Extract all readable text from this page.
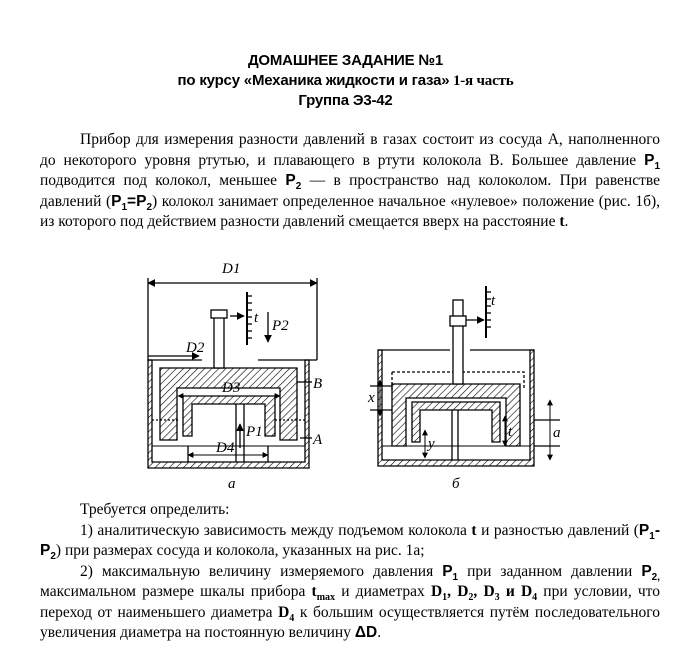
ДОМАШНЕЕ ЗАДАНИЕ №1
по курсу «Механика жидкости и газа» 1-я часть
Группа Э3-42
Прибор для измерения разности давлений в газах состоит из сосуда A, наполненного до некоторого уровня ртутью, и плавающего в ртути колокола B. Большее давление $P_1$ подводится под колокол, меньшее $P_2$ — в пространство над колоколом. При равенстве давлений $(P_1=P_2)$ колокол занимает определенное начальное «нулевое» положение (рис. 1б), из которого под действием разности давлений смещается вверх на расстояние t.
D1
D2
D3
D4
B
A
P1
P2
t
а
t
x
y
t	a
б

Требуется определить:

1) аналитическую зависимость между подъемом колокола t и разностью давлений $(P_1-P_2)$ при размерах сосуда и колокола, указанных на рис. 1а;

2) максимальную величину измеряемого давления $P_1$ при заданном давлении $P_{2,}$ максимальном размере шкалы прибора $t_{max}$ и диаметрах $D_1$, $D_2$, $D_3$ и $D_4$ при условии, что переход от наименьшего диаметра $D_4$ к большим осуществляется путём последовательного увеличения диаметра на постоянную величину ΔD.
